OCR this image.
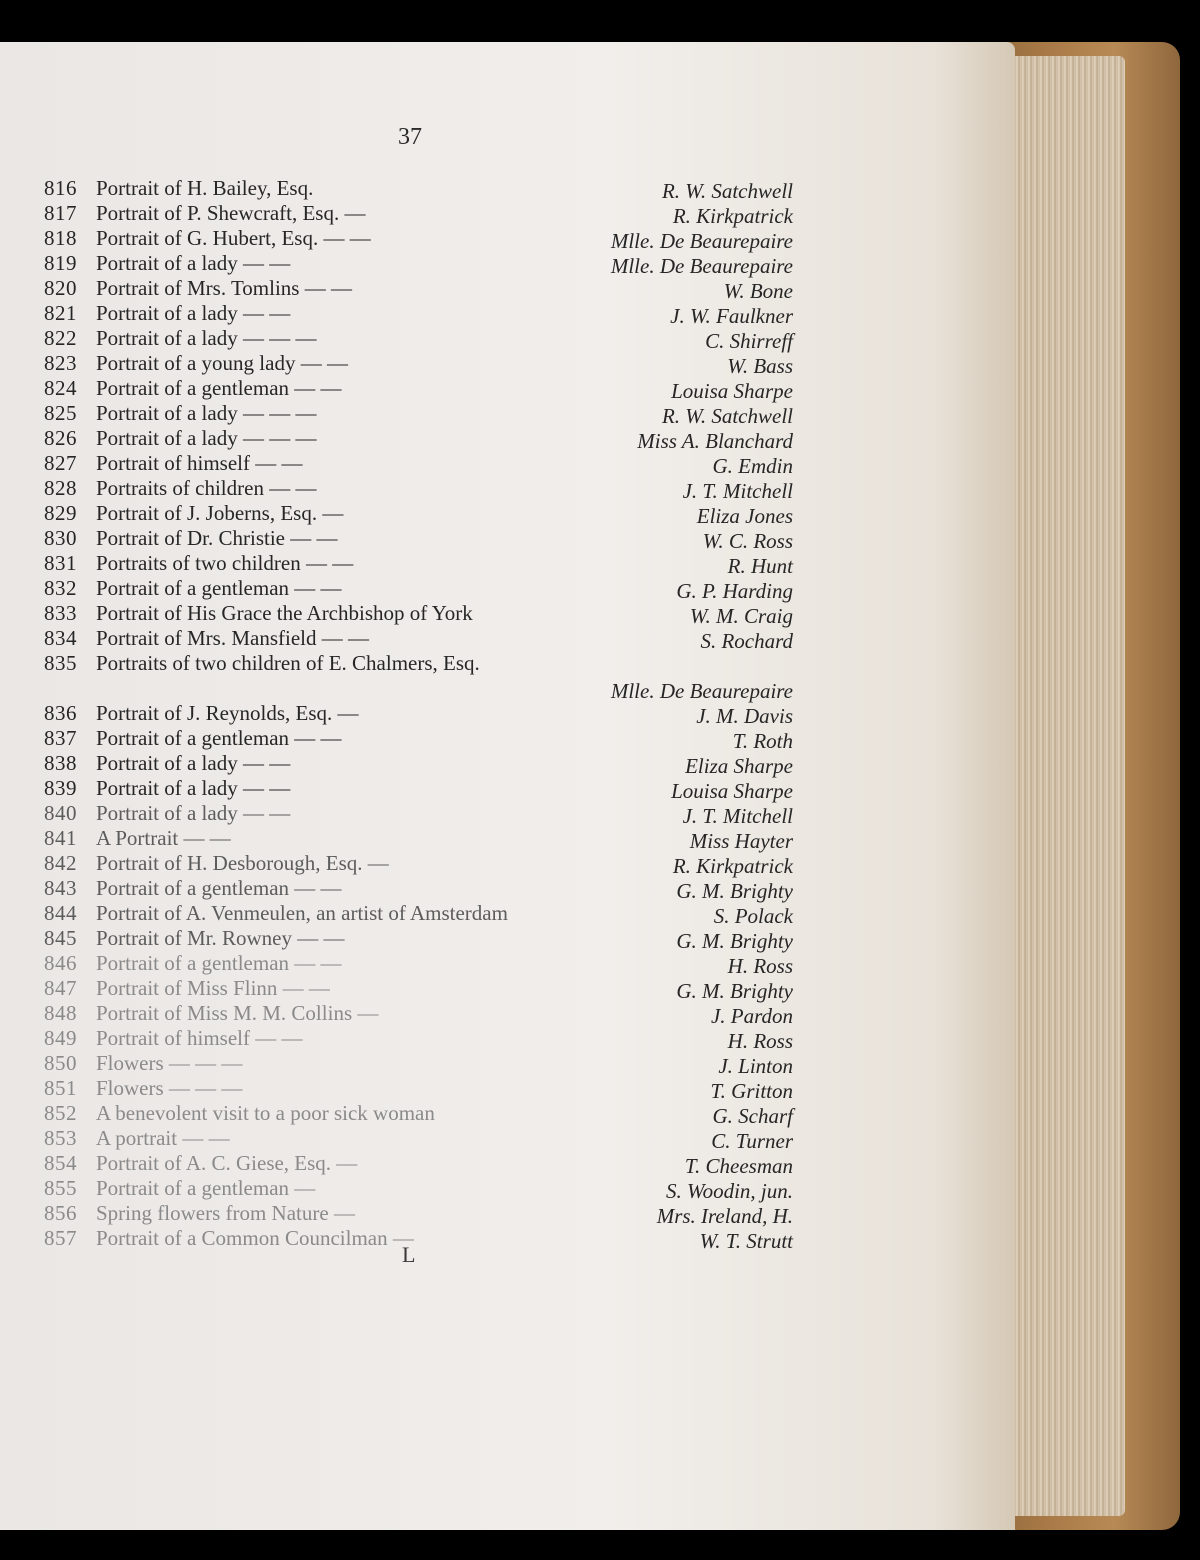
37
816 Portrait of H. Bailey, Esq.	R. W. Satchwell
817 Portrait of P. Shewcraft, Esq. —	R. Kirkpatrick
818 Portrait of G. Hubert, Esq. — —	Mlle. De Beaurepaire
819 Portrait of a lady — —	Mlle. De Beaurepaire
820 Portrait of Mrs. Tomlins — —	W. Bone
821 Portrait of a lady — —	J. W. Faulkner
822 Portrait of a lady — — —	C. Shirreff
823 Portrait of a young lady — —	W. Bass
824 Portrait of a gentleman — —	Louisa Sharpe
825 Portrait of a lady — — —	R. W. Satchwell
826 Portrait of a lady — — —	Miss A. Blanchard
827 Portrait of himself — —	G. Emdin
828 Portraits of children — —	J. T. Mitchell
829 Portrait of J. Joberns, Esq. —	Eliza Jones
830 Portrait of Dr. Christie — —	W. C. Ross
831 Portraits of two children — —	R. Hunt
832 Portrait of a gentleman — —	G. P. Harding
833 Portrait of His Grace the Archbishop of York	W. M. Craig
834 Portrait of Mrs. Mansfield — —	S. Rochard
835 Portraits of two children of E. Chalmers, Esq.
Mlle. De Beaurepaire
836 Portrait of J. Reynolds, Esq. —	J. M. Davis
837 Portrait of a gentleman — —	T. Roth
838 Portrait of a lady — —	Eliza Sharpe
839 Portrait of a lady — —	Louisa Sharpe
840 Portrait of a lady — —	J. T. Mitchell
841 A Portrait — —	Miss Hayter
842 Portrait of H. Desborough, Esq. —	R. Kirkpatrick
843 Portrait of a gentleman — —	G. M. Brighty
844 Portrait of A. Venmeulen, an artist of Amsterdam	S. Polack
845 Portrait of Mr. Rowney — —	G. M. Brighty
846 Portrait of a gentleman — —	H. Ross
847 Portrait of Miss Flinn — —	G. M. Brighty
848 Portrait of Miss M. M. Collins —	J. Pardon
849 Portrait of himself — —	H. Ross
850 Flowers — — —	J. Linton
851 Flowers — — —	T. Gritton
852 A benevolent visit to a poor sick woman	G. Scharf
853 A portrait — —	C. Turner
854 Portrait of A. C. Giese, Esq. —	T. Cheesman
855 Portrait of a gentleman —	S. Woodin, jun.
856 Spring flowers from Nature —	Mrs. Ireland, H.
857 Portrait of a Common Councilman —	W. T. Strutt
L
